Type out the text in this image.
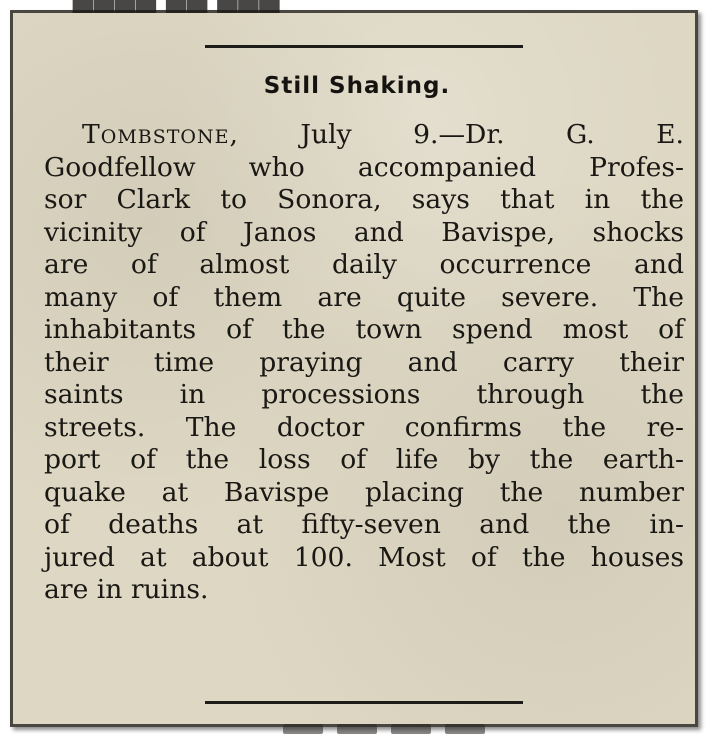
▀▀▀▀ ▀▀ ▀▀▀
Still Shaking.
Tombstone, July 9.—Dr. G. E.
Goodfellow who accompanied Profes-
sor Clark to Sonora, says that in the
vicinity of Janos and Bavispe, shocks
are of almost daily occurrence and
many of them are quite severe. The
inhabitants of the town spend most of
their time praying and carry their
saints in processions through the
streets. The doctor confirms the re-
port of the loss of life by the earth-
quake at Bavispe placing the number
of deaths at fifty-seven and the in-
jured at about 100. Most of the houses
are in ruins.
